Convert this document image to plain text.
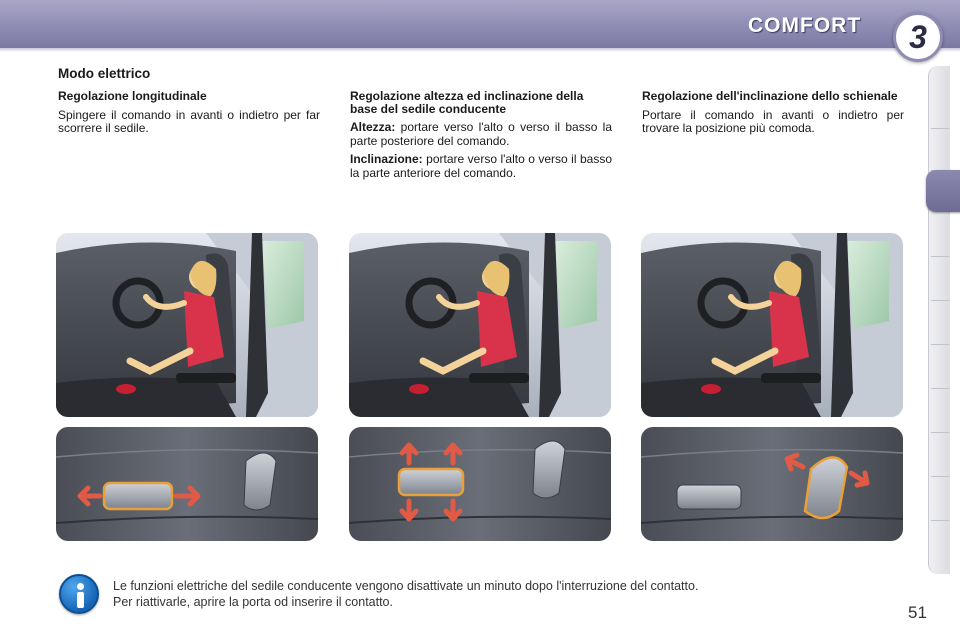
COMFORT 3
Modo elettrico
Regolazione longitudinale

Spingere il comando in avanti o indietro per far scorrere il sedile.

Regolazione altezza ed inclinazione della base del sedile conducente

Altezza: portare verso l'alto o verso il basso la parte posteriore del comando.

Inclinazione: portare verso l'alto o verso il basso la parte anteriore del comando.

Regolazione dell'inclinazione dello schienale

Portare il comando in avanti o indietro per trovare la posizione più comoda.

Le funzioni elettriche del sedile conducente vengono disattivate un minuto dopo l'interruzione del contatto.
Per riattivarle, aprire la porta od inserire il contatto.
51
